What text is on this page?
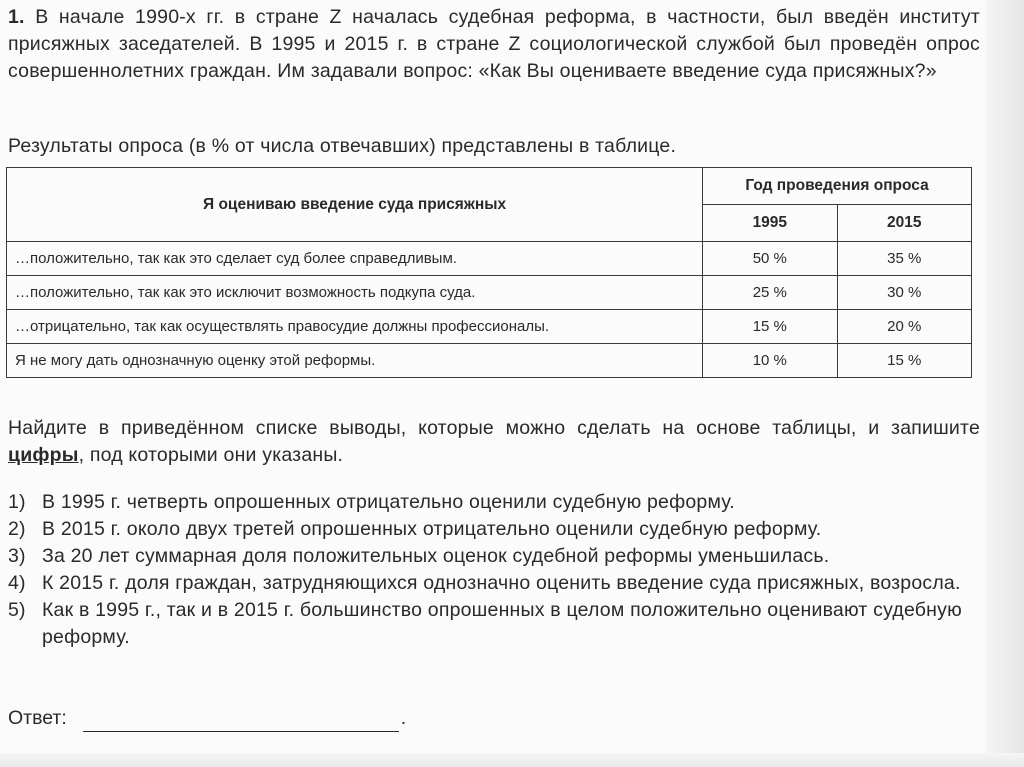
1. В начале 1990-х гг. в стране Z началась судебная реформа, в частности, был введён институт присяжных заседателей. В 1995 и 2015 г. в стране Z социологической службой был проведён опрос совершеннолетних граждан. Им задавали вопрос: «Как Вы оцениваете введение суда присяжных?»
Результаты опроса (в % от числа отвечавших) представлены в таблице.
Я оцениваю введение суда присяжных	Год проведения опроса	
	1995	2015
…положительно, так как это сделает суд более справедливым.	50 %	35 %
…положительно, так как это исключит возможность подкупа суда.	25 %	30 %
…отрицательно, так как осуществлять правосудие должны профессионалы.	15 %	20 %
Я не могу дать однозначную оценку этой реформы.	10 %	15 %
Найдите в приведённом списке выводы, которые можно сделать на основе таблицы, и запишите цифры, под которыми они указаны.
1) В 1995 г. четверть опрошенных отрицательно оценили судебную реформу.
2) В 2015 г. около двух третей опрошенных отрицательно оценили судебную реформу.
3) За 20 лет суммарная доля положительных оценок судебной реформы уменьшилась.
4) К 2015 г. доля граждан, затрудняющихся однозначно оценить введение суда присяжных, возросла.
5) Как в 1995 г., так и в 2015 г. большинство опрошенных в целом положительно оценивают судебную реформу.
Ответ:	.
